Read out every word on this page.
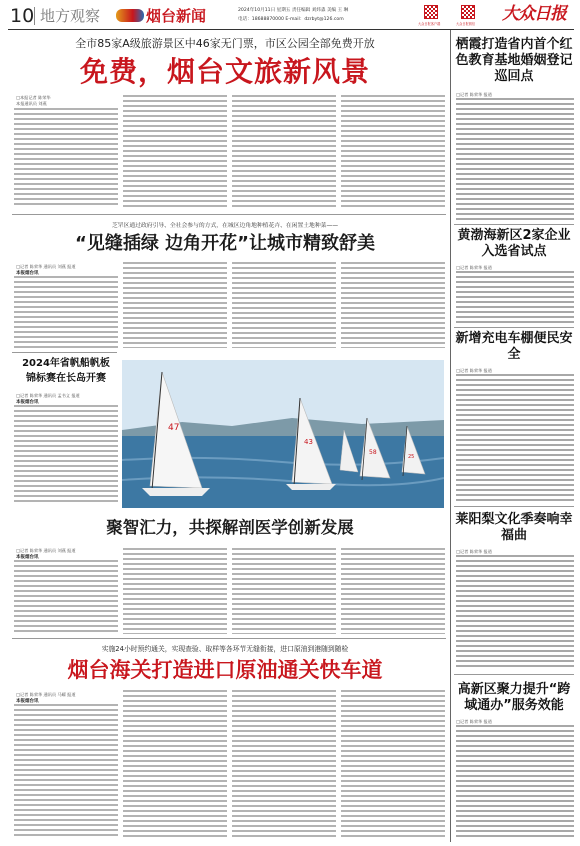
10 地方观察	烟台新闻	2024年10月11日 星期五 责任编辑 刘炜淼 美编 王 琳
电话：18688870000 E-mail：dzrbyt@126.com
大众日报客户端	大众日报微信 大众日报
全市85家A级旅游景区中46家无门票，市区公园全部免费开放
免费，烟台文旅新风景
□本报记者 陈荣华
本报通讯员 刘燕
芝罘区通过政府引导、全社会参与的方式，在城区边角地种植花卉、在闲置土地种菜——
“见缝插绿 边角开花”让城市精致舒美
□记者 陈荣华 通讯员 刘燕 报道
本报烟台讯
2024年省帆船帆板
锦标赛在长岛开赛
□记者 陈荣华 通讯员 孟书义 报道
本报烟台讯
47
43
58
25
聚智汇力，共探解剖医学创新发展
□记者 陈荣华 通讯员 刘燕 报道
本报烟台讯
实施24小时预约通关，实现查验、取样等各环节无缝衔接，进口原油到港随到随检
烟台海关打造进口原油通关快车道
□记者 陈荣华 通讯员 马耀 报道
本报烟台讯
栖霞打造省内首个红色教育基地婚姻登记巡回点
□记者 陈荣华 报道
黄渤海新区2家企业入选省试点
□记者 陈荣华 报道
新增充电车棚便民安全
□记者 陈荣华 报道
莱阳梨文化季奏响幸福曲
□记者 陈荣华 报道
高新区聚力提升“跨域通办”服务效能
□记者 陈荣华 报道
